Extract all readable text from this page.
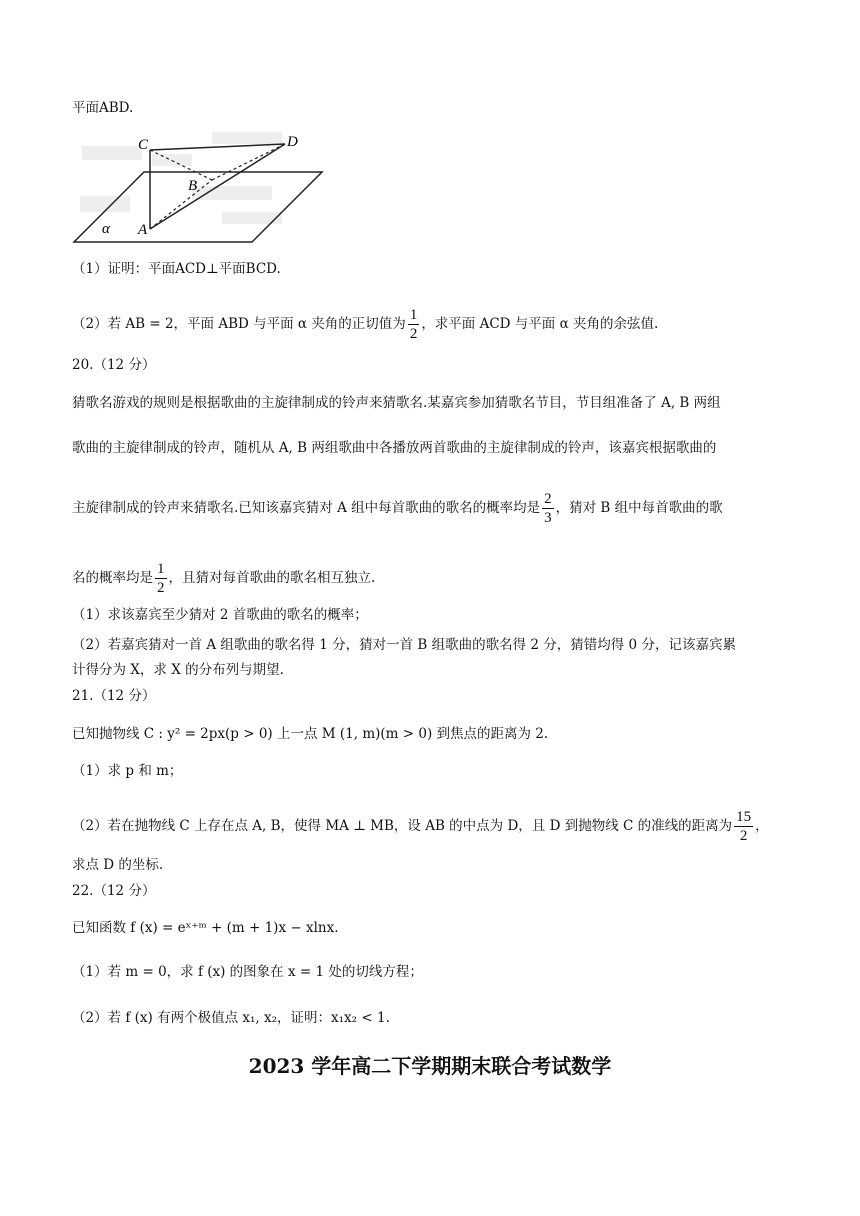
C	D
B
A
α
平面ABD.
（1）证明：平面ACD⊥平面BCD.
（2）若 AB = 2，平面 ABD 与平面 α 夹角的正切值为 $\frac{1}{2}$ ，求平面 ACD 与平面 α 夹角的余弦值.
20.（12 分）
猜歌名游戏的规则是根据歌曲的主旋律制成的铃声来猜歌名.某嘉宾参加猜歌名节目，节目组准备了 A, B 两组
歌曲的主旋律制成的铃声，随机从 A, B 两组歌曲中各播放两首歌曲的主旋律制成的铃声，该嘉宾根据歌曲的
主旋律制成的铃声来猜歌名.已知该嘉宾猜对 A 组中每首歌曲的歌名的概率均是 $\frac{2}{3}$ ，猜对 B 组中每首歌曲的歌
名的概率均是 $\frac{1}{2}$ ，且猜对每首歌曲的歌名相互独立.
（1）求该嘉宾至少猜对 2 首歌曲的歌名的概率；
（2）若嘉宾猜对一首 A 组歌曲的歌名得 1 分，猜对一首 B 组歌曲的歌名得 2 分，猜错均得 0 分，记该嘉宾累
计得分为 X，求 X 的分布列与期望.
21.（12 分）
已知抛物线 C : y² = 2px(p > 0) 上一点 M (1, m)(m > 0) 到焦点的距离为 2.
（1）求 p 和 m；
（2）若在抛物线 C 上存在点 A, B，使得 MA ⊥ MB，设 AB 的中点为 D，且 D 到抛物线 C 的准线的距离为 $\frac{15}{2}$ ，
求点 D 的坐标.
22.（12 分）
已知函数 f (x) = eˣ⁺ᵐ + (m + 1)x − xlnx.
（1）若 m = 0，求 f (x) 的图象在 x = 1 处的切线方程；
（2）若 f (x) 有两个极值点 x₁, x₂，证明：x₁x₂ < 1.
2023 学年高二下学期期末联合考试数学
